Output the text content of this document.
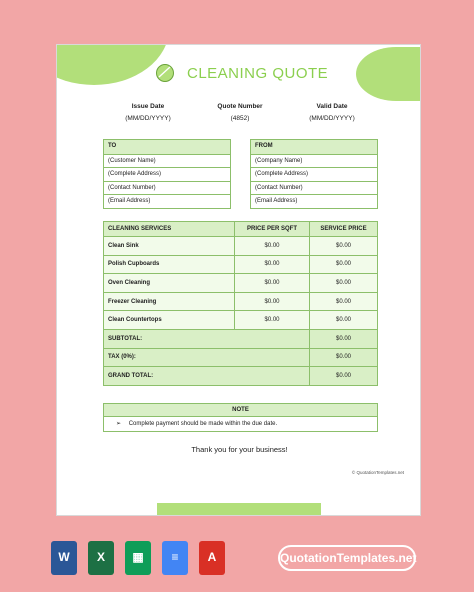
CLEANING QUOTE
Issue Date
(MM/DD/YYYY)
Quote Number
(4852)
Valid Date
(MM/DD/YYYY)
TO
(Customer Name)
(Complete Address)
(Contact Number)
(Email Address)
FROM
(Company Name)
(Complete Address)
(Contact Number)
(Email Address)
CLEANING SERVICES	PRICE PER SQFT	SERVICE PRICE
Clean Sink	$0.00	$0.00
Polish Cupboards	$0.00	$0.00
Oven Cleaning	$0.00	$0.00
Freezer Cleaning	$0.00	$0.00
Clean Countertops	$0.00	$0.00
SUBTOTAL:		$0.00
TAX (0%):		$0.00
GRAND TOTAL:		$0.00
NOTE
➢ Complete payment should be made within the due date.
Thank you for your business!
© QuotationTemplates.net
W	X	▦	≡	A	QuotationTemplates.net
